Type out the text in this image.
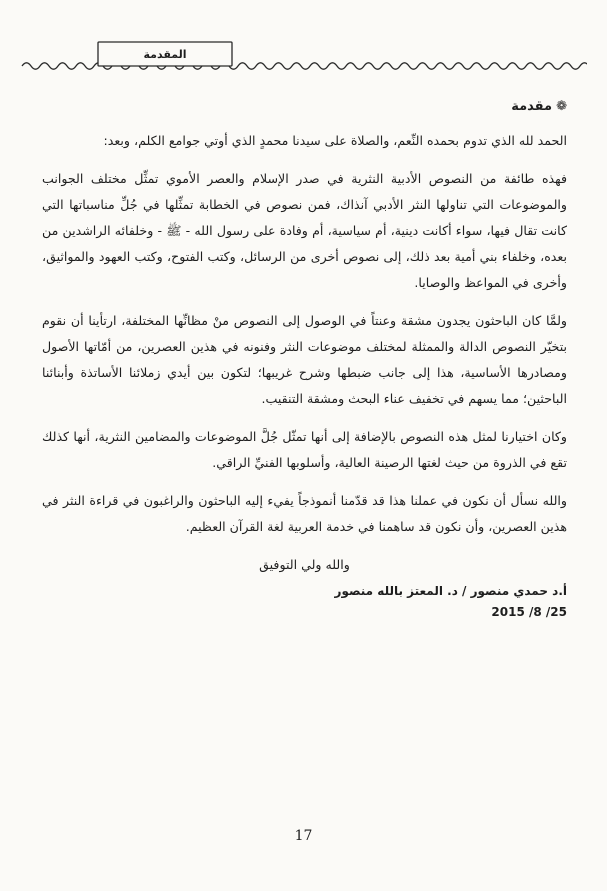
المقدمة
❁مقدمة

الحمد لله الذي تدوم بحمده النِّعم، والصلاة على سيدنا محمدٍ الذي أوتي جوامع الكلم، وبعد:

فهذه طائفة من النصوص الأدبية النثرية في صدر الإسلام والعصر الأموي تمثِّل مختلف الجوانب والموضوعات التي تناولها النثر الأدبي آنذاك، فمن نصوص في الخطابة تمثِّلها في جُلِّ مناسباتها التي كانت تقال فيها، سواء أكانت دينية، أم سياسية، أم وفادة على رسول الله - ﷺ - وخلفائه الراشدين من بعده، وخلفاء بني أمية بعد ذلك، إلى نصوص أخرى من الرسائل، وكتب الفتوح، وكتب العهود والمواثيق، وأخرى في المواعظ والوصايا.

ولمَّا كان الباحثون يجدون مشقة وعنتاً في الوصول إلى النصوص منْ مظانِّها المختلفة، ارتأينا أن نقوم بتخيّر النصوص الدالة والممثلة لمختلف موضوعات النثر وفنونه في هذين العصرين، من أمّاتها الأصول ومصادرها الأساسية، هذا إلى جانب ضبطها وشرح غريبها؛ لتكون بين أيدي زملائنا الأساتذة وأبنائنا الباحثين؛ مما يسهم في تخفيف عناء البحث ومشقة التنقيب.

وكان اختيارنا لمثل هذه النصوص بالإضافة إلى أنها تمثّل جُلَّ الموضوعات والمضامين النثرية، أنها كذلك تقع في الذروة من حيث لغتها الرصينة العالية، وأسلوبها الفنيِّ الراقي.

والله نسأل أن نكون في عملنا هذا قد قدّمنا أنموذجاً يفيء إليه الباحثون والراغبون في قراءة النثر في هذين العصرين، وأن نكون قد ساهمنا في خدمة العربية لغة القرآن العظيم.

والله ولي التوفيق
أ.د حمدي منصور / د. المعتز بالله منصور
2015 /8 /25
17
